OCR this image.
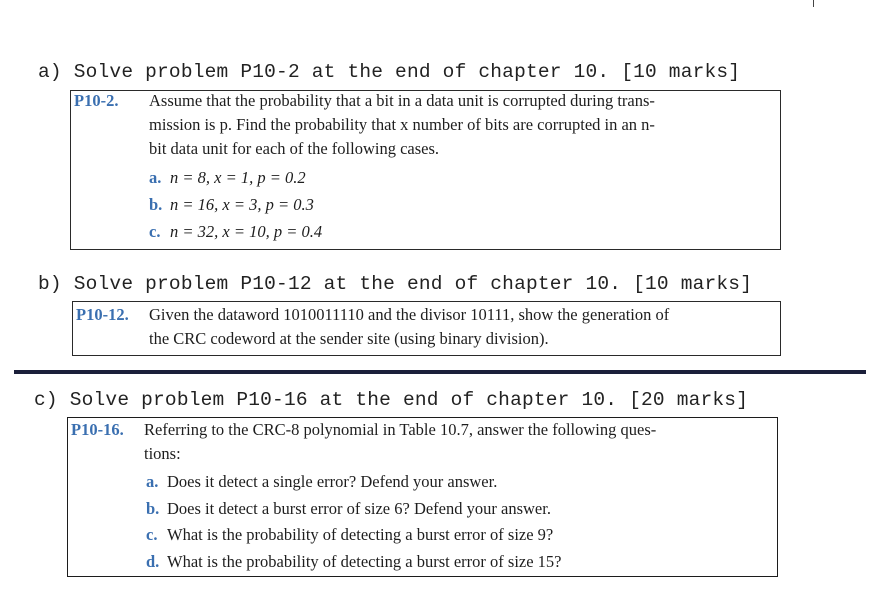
a) Solve problem P10-2 at the end of chapter 10. [10 marks]
P10-2. Assume that the probability that a bit in a data unit is corrupted during trans-
mission is p. Find the probability that x number of bits are corrupted in an n-
bit data unit for each of the following cases.
a. n = 8, x = 1, p = 0.2
b. n = 16, x = 3, p = 0.3
c. n = 32, x = 10, p = 0.4
b) Solve problem P10-12 at the end of chapter 10. [10 marks]
P10-12. Given the dataword 1010011110 and the divisor 10111, show the generation of
the CRC codeword at the sender site (using binary division).
c) Solve problem P10-16 at the end of chapter 10. [20 marks]
P10-16. Referring to the CRC-8 polynomial in Table 10.7, answer the following ques-
tions:
a. Does it detect a single error? Defend your answer.
b. Does it detect a burst error of size 6? Defend your answer.
c. What is the probability of detecting a burst error of size 9?
d. What is the probability of detecting a burst error of size 15?
